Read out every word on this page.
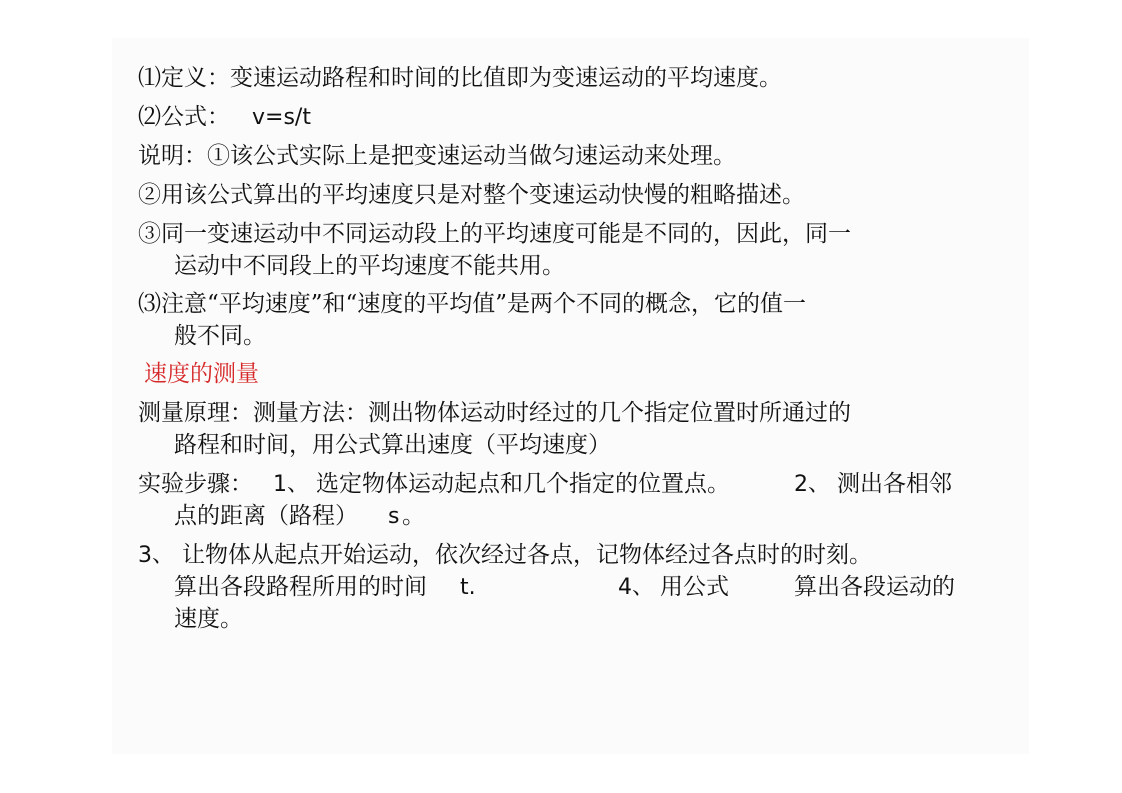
⑴定义：变速运动路程和时间的比值即为变速运动的平均速度。
⑵公式： v=s/t
说明：①该公式实际上是把变速运动当做匀速运动来处理。
②用该公式算出的平均速度只是对整个变速运动快慢的粗略描述。
③同一变速运动中不同运动段上的平均速度可能是不同的，因此，同一
运动中不同段上的平均速度不能共用。
⑶注意“平均速度”和“速度的平均值”是两个不同的概念，它的值一
般不同。
速度的测量
测量原理：测量方法：测出物体运动时经过的几个指定位置时所通过的
路程和时间，用公式算出速度（平均速度）
实验步骤： 1、 选定物体运动起点和几个指定的位置点。	2、 测出各相邻
点的距离（路程） s 。
3、 让物体从起点开始运动，依次经过各点，记物体经过各点时的时刻。
算出各段路程所用的时间 t.	4、 用公式	算出各段运动的
速度。
